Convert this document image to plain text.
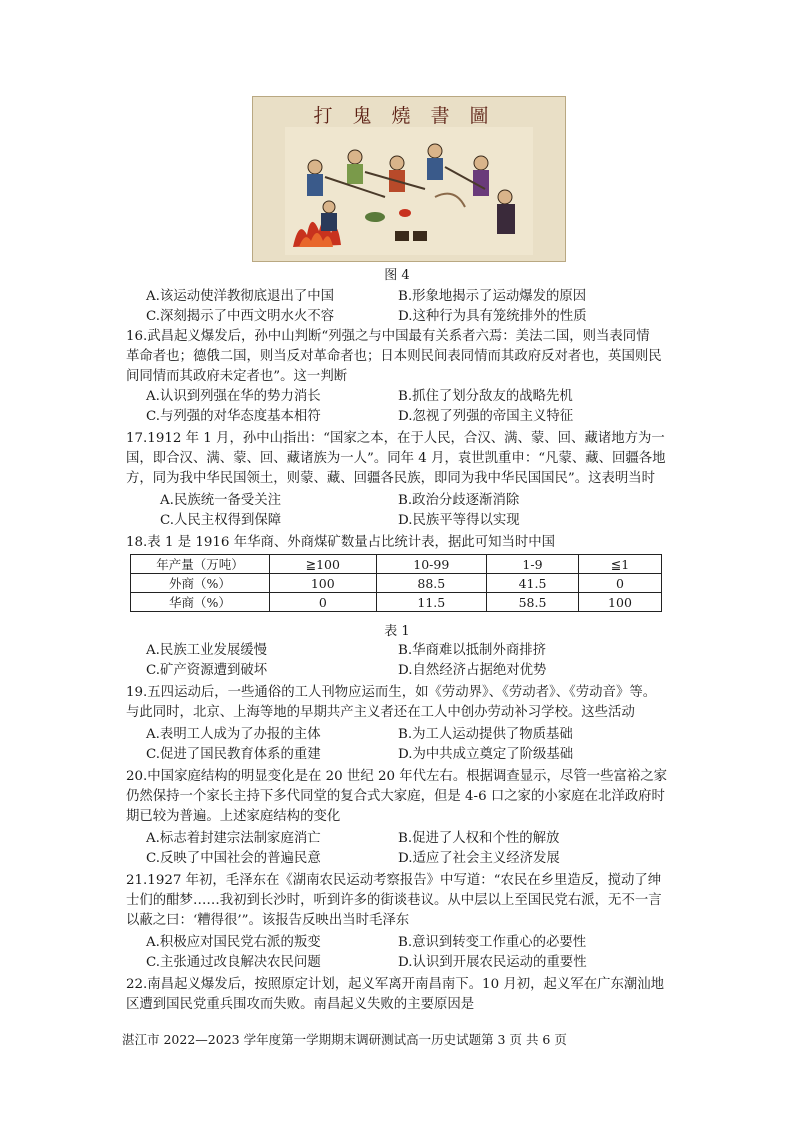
打鬼燒書圖
图 4
A.该运动使洋教彻底退出了中国	B.形象地揭示了运动爆发的原因
C.深刻揭示了中西文明水火不容	D.这种行为具有笼统排外的性质
16.武昌起义爆发后，孙中山判断“列强之与中国最有关系者六焉：美法二国，则当表同情
革命者也；德俄二国，则当反对革命者也；日本则民间表同情而其政府反对者也，英国则民
间同情而其政府未定者也”。这一判断
A.认识到列强在华的势力消长	B.抓住了划分敌友的战略先机
C.与列强的对华态度基本相符	D.忽视了列强的帝国主义特征
17.1912 年 1 月，孙中山指出：“国家之本，在于人民，合汉、满、蒙、回、藏诸地方为一
国，即合汉、满、蒙、回、藏诸族为一人”。同年 4 月，袁世凯重申：“凡蒙、藏、回疆各地
方，同为我中华民国领土，则蒙、藏、回疆各民族，即同为我中华民国国民”。这表明当时
A.民族统一备受关注	B.政治分歧逐渐消除
C.人民主权得到保障	D.民族平等得以实现
18.表 1 是 1916 年华商、外商煤矿数量占比统计表，据此可知当时中国
年产量（万吨）	≧100	10-99	1-9	≦1
外商（%）	100	88.5	41.5	0
华商（%）	0	11.5	58.5	100
表 1
A.民族工业发展缓慢	B.华商难以抵制外商排挤
C.矿产资源遭到破坏	D.自然经济占据绝对优势
19.五四运动后，一些通俗的工人刊物应运而生，如《劳动界》、《劳动者》、《劳动音》等。
与此同时，北京、上海等地的早期共产主义者还在工人中创办劳动补习学校。这些活动
A.表明工人成为了办报的主体	B.为工人运动提供了物质基础
C.促进了国民教育体系的重建	D.为中共成立奠定了阶级基础
20.中国家庭结构的明显变化是在 20 世纪 20 年代左右。根据调查显示，尽管一些富裕之家
仍然保持一个家长主持下多代同堂的复合式大家庭，但是 4-6 口之家的小家庭在北洋政府时
期已较为普遍。上述家庭结构的变化
A.标志着封建宗法制家庭消亡	B.促进了人权和个性的解放
C.反映了中国社会的普遍民意	D.适应了社会主义经济发展
21.1927 年初，毛泽东在《湖南农民运动考察报告》中写道：“农民在乡里造反，搅动了绅
士们的酣梦……我初到长沙时，听到许多的街谈巷议。从中层以上至国民党右派，无不一言
以蔽之曰：‘糟得很’”。该报告反映出当时毛泽东
A.积极应对国民党右派的叛变	B.意识到转变工作重心的必要性
C.主张通过改良解决农民问题	D.认识到开展农民运动的重要性
22.南昌起义爆发后，按照原定计划，起义军离开南昌南下。10 月初，起义军在广东潮汕地
区遭到国民党重兵围攻而失败。南昌起义失败的主要原因是
湛江市 2022—2023 学年度第一学期期末调研测试高一历史试题第 3 页 共 6 页
